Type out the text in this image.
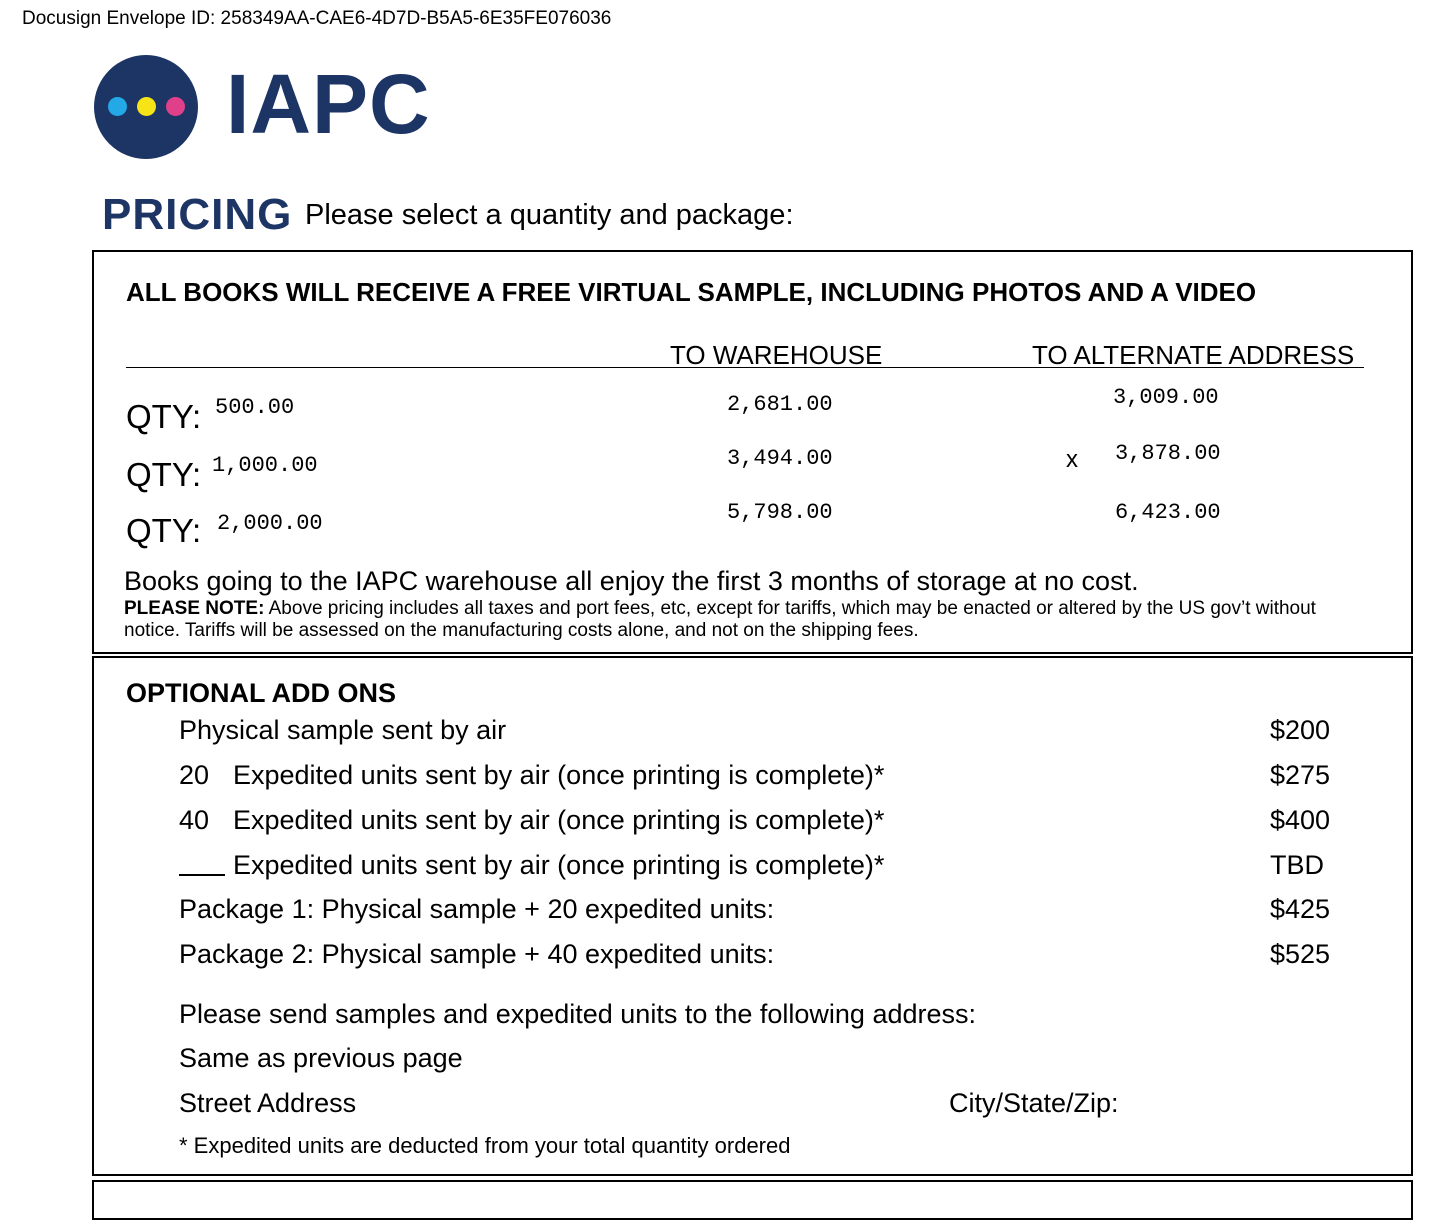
Docusign Envelope ID: 258349AA-CAE6-4D7D-B5A5-6E35FE076036
IAPC
PRICING Please select a quantity and package:
ALL BOOKS WILL RECEIVE A FREE VIRTUAL SAMPLE, INCLUDING PHOTOS AND A VIDEO
TO WAREHOUSE	TO ALTERNATE ADDRESS
QTY: 500.00	2,681.00	3,009.00
QTY: 1,000.00	3,494.00	x 3,878.00
QTY: 2,000.00	5,798.00	6,423.00
Books going to the IAPC warehouse all enjoy the first 3 months of storage at no cost.
PLEASE NOTE: Above pricing includes all taxes and port fees, etc, except for tariffs, which may be enacted or altered by the US gov’t without notice. Tariffs will be assessed on the manufacturing costs alone, and not on the shipping fees.
OPTIONAL ADD ONS
Physical sample sent by air	$200
20 Expedited units sent by air (once printing is complete)*	$275
40 Expedited units sent by air (once printing is complete)*	$400
Expedited units sent by air (once printing is complete)*	TBD
Package 1: Physical sample + 20 expedited units:	$425
Package 2: Physical sample + 40 expedited units:	$525
Please send samples and expedited units to the following address:
Same as previous page
Street Address	City/State/Zip:
* Expedited units are deducted from your total quantity ordered
